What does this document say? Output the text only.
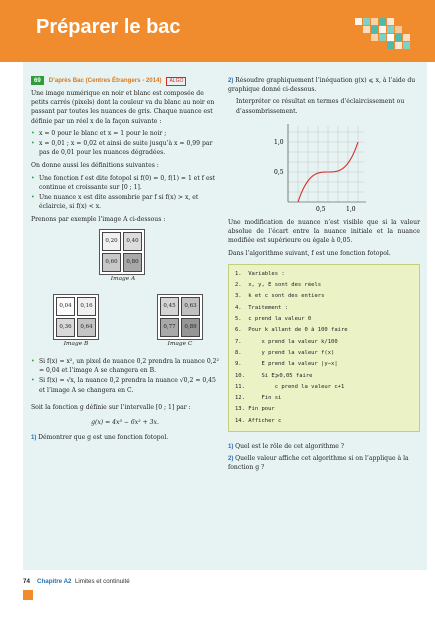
Préparer le bac

69 D’après Bac (Centres Étrangers - 2014) ALGO

Une image numérique en noir et blanc est composée de petits carrés (pixels) dont la couleur va du blanc au noir en passant par toutes les nuances de gris. Chaque nuance est définie par un réel x de la façon suivante :

• x = 0 pour le blanc et x = 1 pour le noir ;
• x = 0,01 ; x = 0,02 et ainsi de suite jusqu’à x = 0,99 par pas de 0,01 pour les nuances dégradées.

On donne aussi les définitions suivantes :

• Une fonction f est dite fotopol si f(0) = 0, f(1) = 1 et f est continue et croissante sur [0 ; 1].
• Une nuance x est dite assombrie par f si f(x) > x, et éclaircie, si f(x) < x.

Prenons par exemple l’image A ci-dessous :

0,20	0,40
0,60	0,80
Image A
0,04	0,16
0,36	0,64
Image B
0,45	0,63
0,77	0,89
Image C
• Si f(x) = x², un pixel de nuance 0,2 prendra la nuance 0,2² = 0,04 et l’image A se changera en B.
• Si f(x) = √x, la nuance 0,2 prendra la nuance √0,2 ≈ 0,45 et l’image A se changera en C.

Soit la fonction g définie sur l’intervalle [0 ; 1] par :

g(x) = 4x³ − 6x² + 3x.

1) Démontrer que g est une fonction fotopol.

2) Résoudre graphiquement l’inéquation g(x) ⩽ x, à l’aide du graphique donné ci-dessous.

Interpréter ce résultat en termes d’éclaircissement ou d’assombrissement.

1,0
0,5
0,5	1,0

Une modification de nuance n’est visible que si la valeur absolue de l’écart entre la nuance initiale et la nuance modifiée est supérieure ou égale à 0,05.

Dans l’algorithme suivant, f est une fonction fotopol.

1.  Variables :
2.  x, y, E sont des réels
3.  k et c sont des entiers
4.  Traitement :
5.  c prend la valeur 0
6.  Pour k allant de 0 à 100 faire
7.      x prend la valeur k/100
8.      y prend la valeur f(x)
9.      E prend la valeur |y−x|
10.     Si E⩾0,05 faire
11.         c prend la valeur c+1
12.     Fin si
13. Fin pour
14. Afficher c

1) Quel est le rôle de cet algorithme ?

2) Quelle valeur affiche cet algorithme si on l’applique à la fonction g ?

74 Chapitre A2 Limites et continuité
